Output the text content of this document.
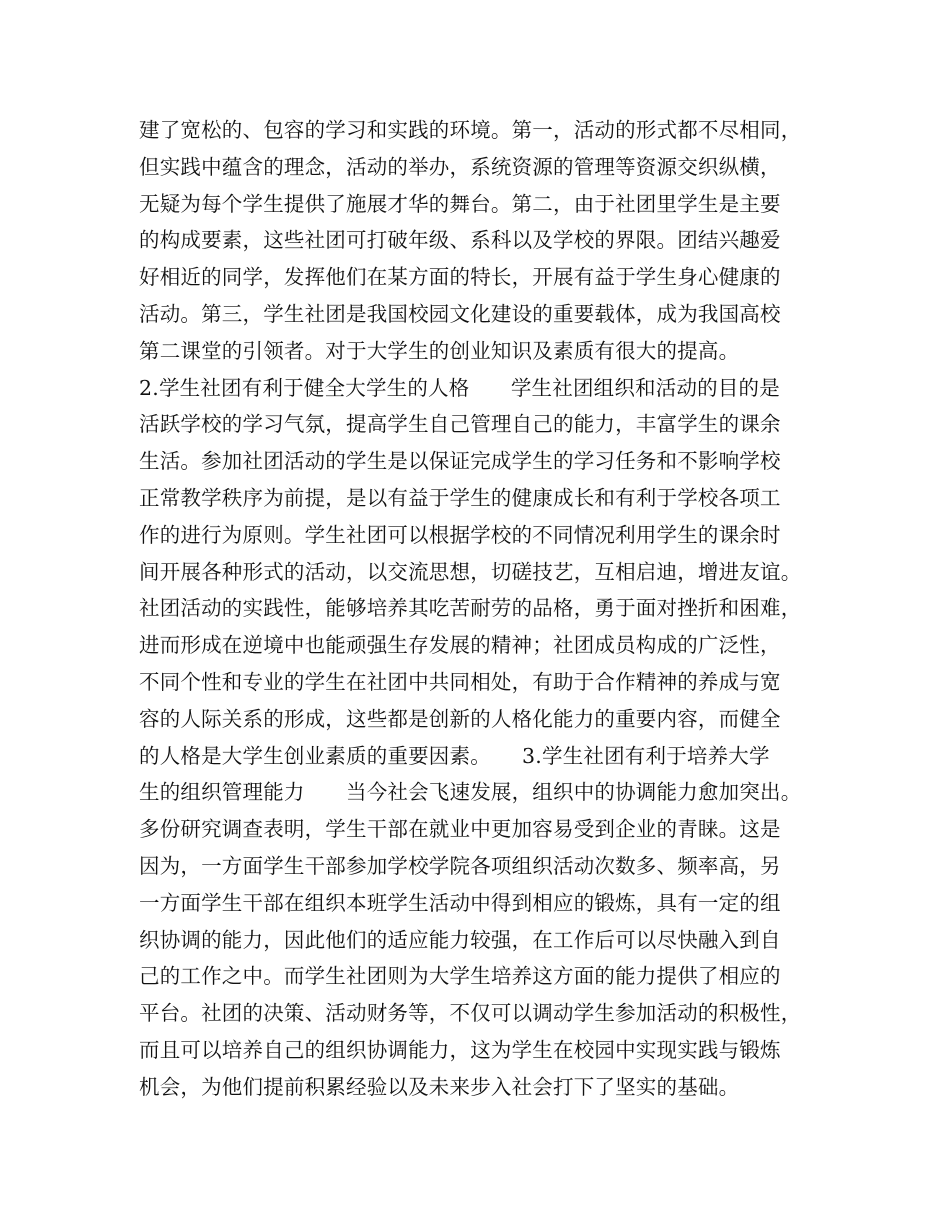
建了宽松的、包容的学习和实践的环境。第一，活动的形式都不尽相同，
但实践中蕴含的理念，活动的举办，系统资源的管理等资源交织纵横，
无疑为每个学生提供了施展才华的舞台。第二，由于社团里学生是主要
的构成要素，这些社团可打破年级、系科以及学校的界限。团结兴趣爱
好相近的同学，发挥他们在某方面的特长，开展有益于学生身心健康的
活动。第三，学生社团是我国校园文化建设的重要载体，成为我国高校
第二课堂的引领者。对于大学生的创业知识及素质有很大的提高。
2.学生社团有利于健全大学生的人格　　学生社团组织和活动的目的是
活跃学校的学习气氛，提高学生自己管理自己的能力，丰富学生的课余
生活。参加社团活动的学生是以保证完成学生的学习任务和不影响学校
正常教学秩序为前提，是以有益于学生的健康成长和有利于学校各项工
作的进行为原则。学生社团可以根据学校的不同情况利用学生的课余时
间开展各种形式的活动，以交流思想，切磋技艺，互相启迪，增进友谊。
社团活动的实践性，能够培养其吃苦耐劳的品格，勇于面对挫折和困难，
进而形成在逆境中也能顽强生存发展的精神；社团成员构成的广泛性，
不同个性和专业的学生在社团中共同相处，有助于合作精神的养成与宽
容的人际关系的形成，这些都是创新的人格化能力的重要内容，而健全
的人格是大学生创业素质的重要因素。　　3.学生社团有利于培养大学
生的组织管理能力　　当今社会飞速发展，组织中的协调能力愈加突出。
多份研究调查表明，学生干部在就业中更加容易受到企业的青睐。这是
因为，一方面学生干部参加学校学院各项组织活动次数多、频率高，另
一方面学生干部在组织本班学生活动中得到相应的锻炼，具有一定的组
织协调的能力，因此他们的适应能力较强，在工作后可以尽快融入到自
己的工作之中。而学生社团则为大学生培养这方面的能力提供了相应的
平台。社团的决策、活动财务等，不仅可以调动学生参加活动的积极性，
而且可以培养自己的组织协调能力，这为学生在校园中实现实践与锻炼
机会，为他们提前积累经验以及未来步入社会打下了坚实的基础。
